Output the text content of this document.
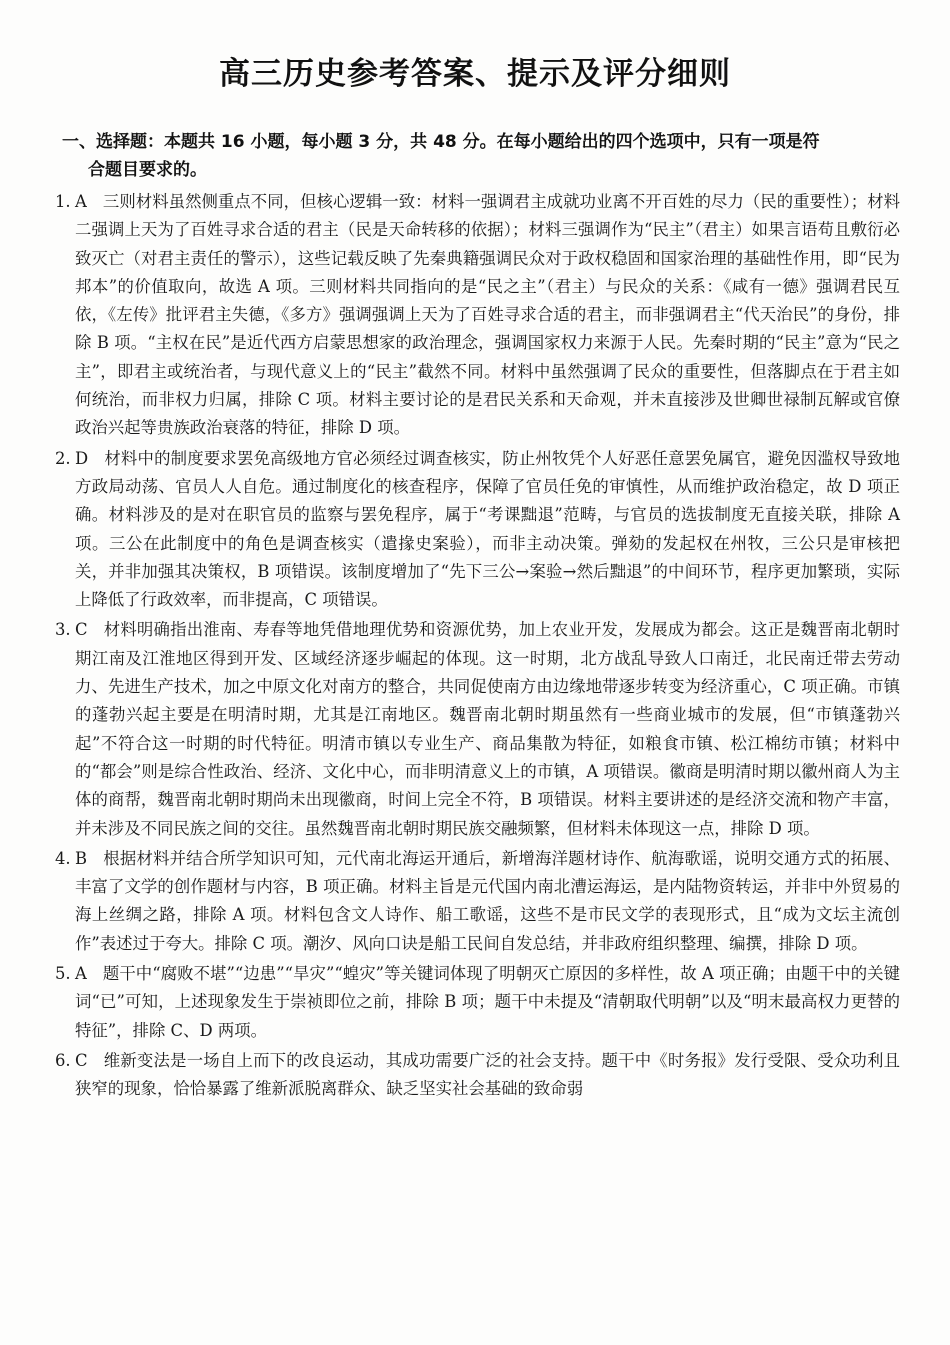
高三历史参考答案、提示及评分细则
一、选择题：本题共 16 小题，每小题 3 分，共 48 分。在每小题给出的四个选项中，只有一项是符
合题目要求的。
1. A 三则材料虽然侧重点不同，但核心逻辑一致：材料一强调君主成就功业离不开百姓的尽力（民的重要性）；材料二强调上天为了百姓寻求合适的君主（民是天命转移的依据）；材料三强调作为“民主”（君主）如果言语苟且敷衍必致灭亡（对君主责任的警示），这些记载反映了先秦典籍强调民众对于政权稳固和国家治理的基础性作用，即“民为邦本”的价值取向，故选 A 项。三则材料共同指向的是“民之主”（君主）与民众的关系：《咸有一德》强调君民互依，《左传》批评君主失德，《多方》强调强调上天为了百姓寻求合适的君主，而非强调君主“代天治民”的身份，排除 B 项。“主权在民”是近代西方启蒙思想家的政治理念，强调国家权力来源于人民。先秦时期的“民主”意为“民之主”，即君主或统治者，与现代意义上的“民主”截然不同。材料中虽然强调了民众的重要性，但落脚点在于君主如何统治，而非权力归属，排除 C 项。材料主要讨论的是君民关系和天命观，并未直接涉及世卿世禄制瓦解或官僚政治兴起等贵族政治衰落的特征，排除 D 项。
2. D 材料中的制度要求罢免高级地方官必须经过调查核实，防止州牧凭个人好恶任意罢免属官，避免因滥权导致地方政局动荡、官员人人自危。通过制度化的核查程序，保障了官员任免的审慎性，从而维护政治稳定，故 D 项正确。材料涉及的是对在职官员的监察与罢免程序，属于“考课黜退”范畴，与官员的选拔制度无直接关联，排除 A 项。三公在此制度中的角色是调查核实（遣掾史案验），而非主动决策。弹劾的发起权在州牧，三公只是审核把关，并非加强其决策权，B 项错误。该制度增加了“先下三公→案验→然后黜退”的中间环节，程序更加繁琐，实际上降低了行政效率，而非提高，C 项错误。
3. C 材料明确指出淮南、寿春等地凭借地理优势和资源优势，加上农业开发，发展成为都会。这正是魏晋南北朝时期江南及江淮地区得到开发、区域经济逐步崛起的体现。这一时期，北方战乱导致人口南迁，北民南迁带去劳动力、先进生产技术，加之中原文化对南方的整合，共同促使南方由边缘地带逐步转变为经济重心，C 项正确。市镇的蓬勃兴起主要是在明清时期，尤其是江南地区。魏晋南北朝时期虽然有一些商业城市的发展，但“市镇蓬勃兴起”不符合这一时期的时代特征。明清市镇以专业生产、商品集散为特征，如粮食市镇、松江棉纺市镇；材料中的“都会”则是综合性政治、经济、文化中心，而非明清意义上的市镇，A 项错误。徽商是明清时期以徽州商人为主体的商帮，魏晋南北朝时期尚未出现徽商，时间上完全不符，B 项错误。材料主要讲述的是经济交流和物产丰富，并未涉及不同民族之间的交往。虽然魏晋南北朝时期民族交融频繁，但材料未体现这一点，排除 D 项。
4. B 根据材料并结合所学知识可知，元代南北海运开通后，新增海洋题材诗作、航海歌谣，说明交通方式的拓展、丰富了文学的创作题材与内容，B 项正确。材料主旨是元代国内南北漕运海运，是内陆物资转运，并非中外贸易的海上丝绸之路，排除 A 项。材料包含文人诗作、船工歌谣，这些不是市民文学的表现形式，且“成为文坛主流创作”表述过于夸大。排除 C 项。潮汐、风向口诀是船工民间自发总结，并非政府组织整理、编撰，排除 D 项。
5. A 题干中“腐败不堪”“边患”“旱灾”“蝗灾”等关键词体现了明朝灭亡原因的多样性，故 A 项正确；由题干中的关键词“已”可知，上述现象发生于崇祯即位之前，排除 B 项；题干中未提及“清朝取代明朝”以及“明末最高权力更替的特征”，排除 C、D 两项。
6. C 维新变法是一场自上而下的改良运动，其成功需要广泛的社会支持。题干中《时务报》发行受限、受众功利且狭窄的现象，恰恰暴露了维新派脱离群众、缺乏坚实社会基础的致命弱
